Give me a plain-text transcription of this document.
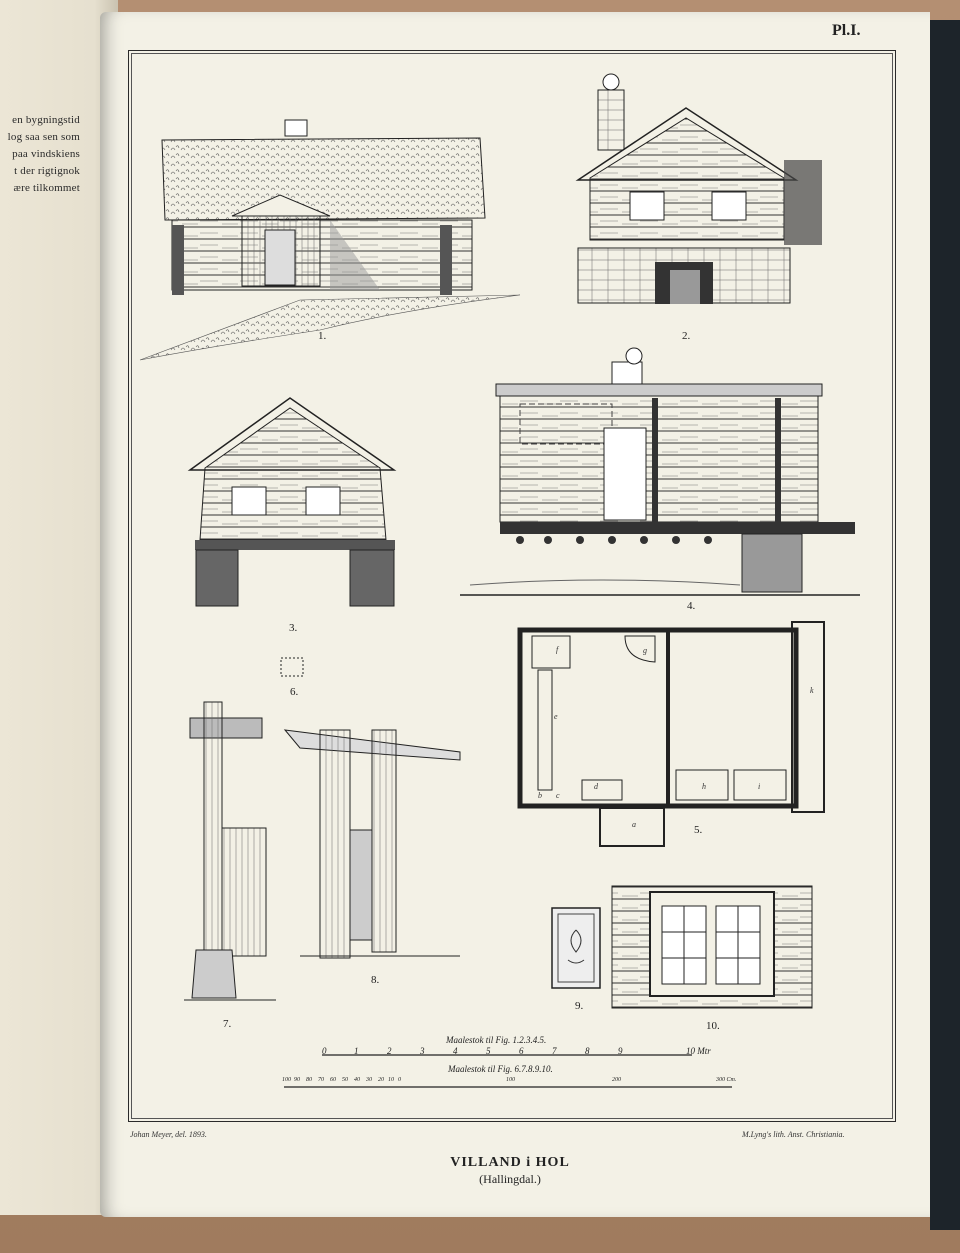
en bygningstid
log saa sen som
paa vindskiens
t der rigtignok
ære tilkommet
Pl.I.
1.	2.
3.
4.
5.
6.
7.
8.
9.
10.
f	g
e
k
d	h	i
b c
a
Maalestok til Fig. 1.2.3.4.5.
0	1	2	3	4	5	6	7	8	9	10 Mtr
Maalestok til Fig. 6.7.8.9.10.
100 90 80 70 60 50 40 30 20 10 0	100	200	300 Cm.
Johan Meyer, del. 1893.	M.Lyng's lith. Anst. Christiania.
VILLAND i HOL
(Hallingdal.)
